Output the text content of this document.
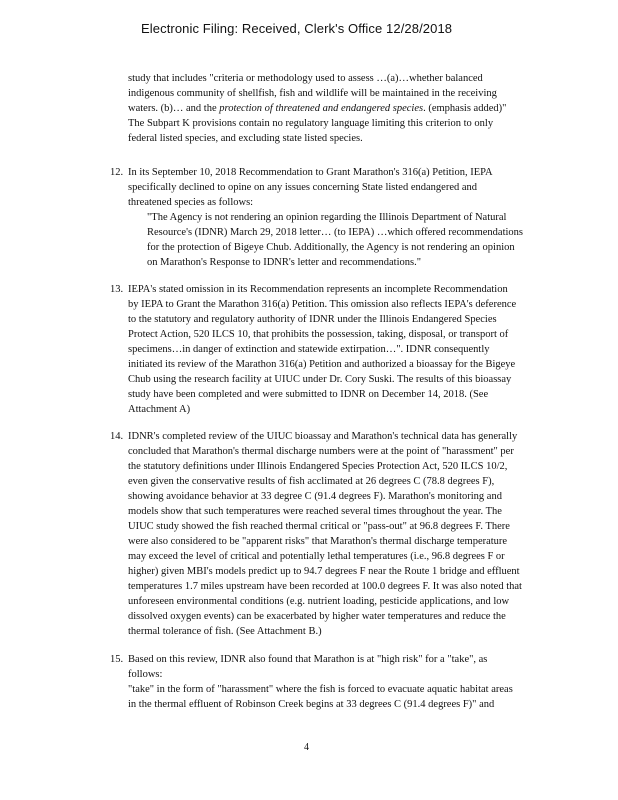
Electronic Filing: Received, Clerk's Office 12/28/2018
study that includes "criteria or methodology used to assess …(a)…whether balanced
indigenous community of shellfish, fish and wildlife will be maintained in the receiving
waters. (b)… and the protection of threatened and endangered species. (emphasis added)"
The Subpart K provisions contain no regulatory language limiting this criterion to only
federal listed species, and excluding state listed species.
12. In its September 10, 2018 Recommendation to Grant Marathon's 316(a) Petition, IEPA
specifically declined to opine on any issues concerning State listed endangered and
threatened species as follows:
"The Agency is not rendering an opinion regarding the Illinois Department of Natural
Resource's (IDNR) March 29, 2018 letter… (to IEPA) …which offered recommendations
for the protection of Bigeye Chub. Additionally, the Agency is not rendering an opinion
on Marathon's Response to IDNR's letter and recommendations."
13. IEPA's stated omission in its Recommendation represents an incomplete Recommendation
by IEPA to Grant the Marathon 316(a) Petition. This omission also reflects IEPA's deference
to the statutory and regulatory authority of IDNR under the Illinois Endangered Species
Protect Action, 520 ILCS 10, that prohibits the possession, taking, disposal, or transport of
specimens…in danger of extinction and statewide extirpation…". IDNR consequently
initiated its review of the Marathon 316(a) Petition and authorized a bioassay for the Bigeye
Chub using the research facility at UIUC under Dr. Cory Suski. The results of this bioassay
study have been completed and were submitted to IDNR on December 14, 2018. (See
Attachment A)
14. IDNR's completed review of the UIUC bioassay and Marathon's technical data has generally
concluded that Marathon's thermal discharge numbers were at the point of "harassment" per
the statutory definitions under Illinois Endangered Species Protection Act, 520 ILCS 10/2,
even given the conservative results of fish acclimated at 26 degrees C (78.8 degrees F),
showing avoidance behavior at 33 degree C (91.4 degrees F). Marathon's monitoring and
models show that such temperatures were reached several times throughout the year. The
UIUC study showed the fish reached thermal critical or "pass-out" at 96.8 degrees F. There
were also considered to be "apparent risks" that Marathon's thermal discharge temperature
may exceed the level of critical and potentially lethal temperatures (i.e., 96.8 degrees F or
higher) given MBI's models predict up to 94.7 degrees F near the Route 1 bridge and effluent
temperatures 1.7 miles upstream have been recorded at 100.0 degrees F. It was also noted that
unforeseen environmental conditions (e.g. nutrient loading, pesticide applications, and low
dissolved oxygen events) can be exacerbated by higher water temperatures and reduce the
thermal tolerance of fish. (See Attachment B.)
15. Based on this review, IDNR also found that Marathon is at "high risk" for a "take", as
follows:
"take" in the form of "harassment" where the fish is forced to evacuate aquatic habitat areas
in the thermal effluent of Robinson Creek begins at 33 degrees C (91.4 degrees F)" and
4
